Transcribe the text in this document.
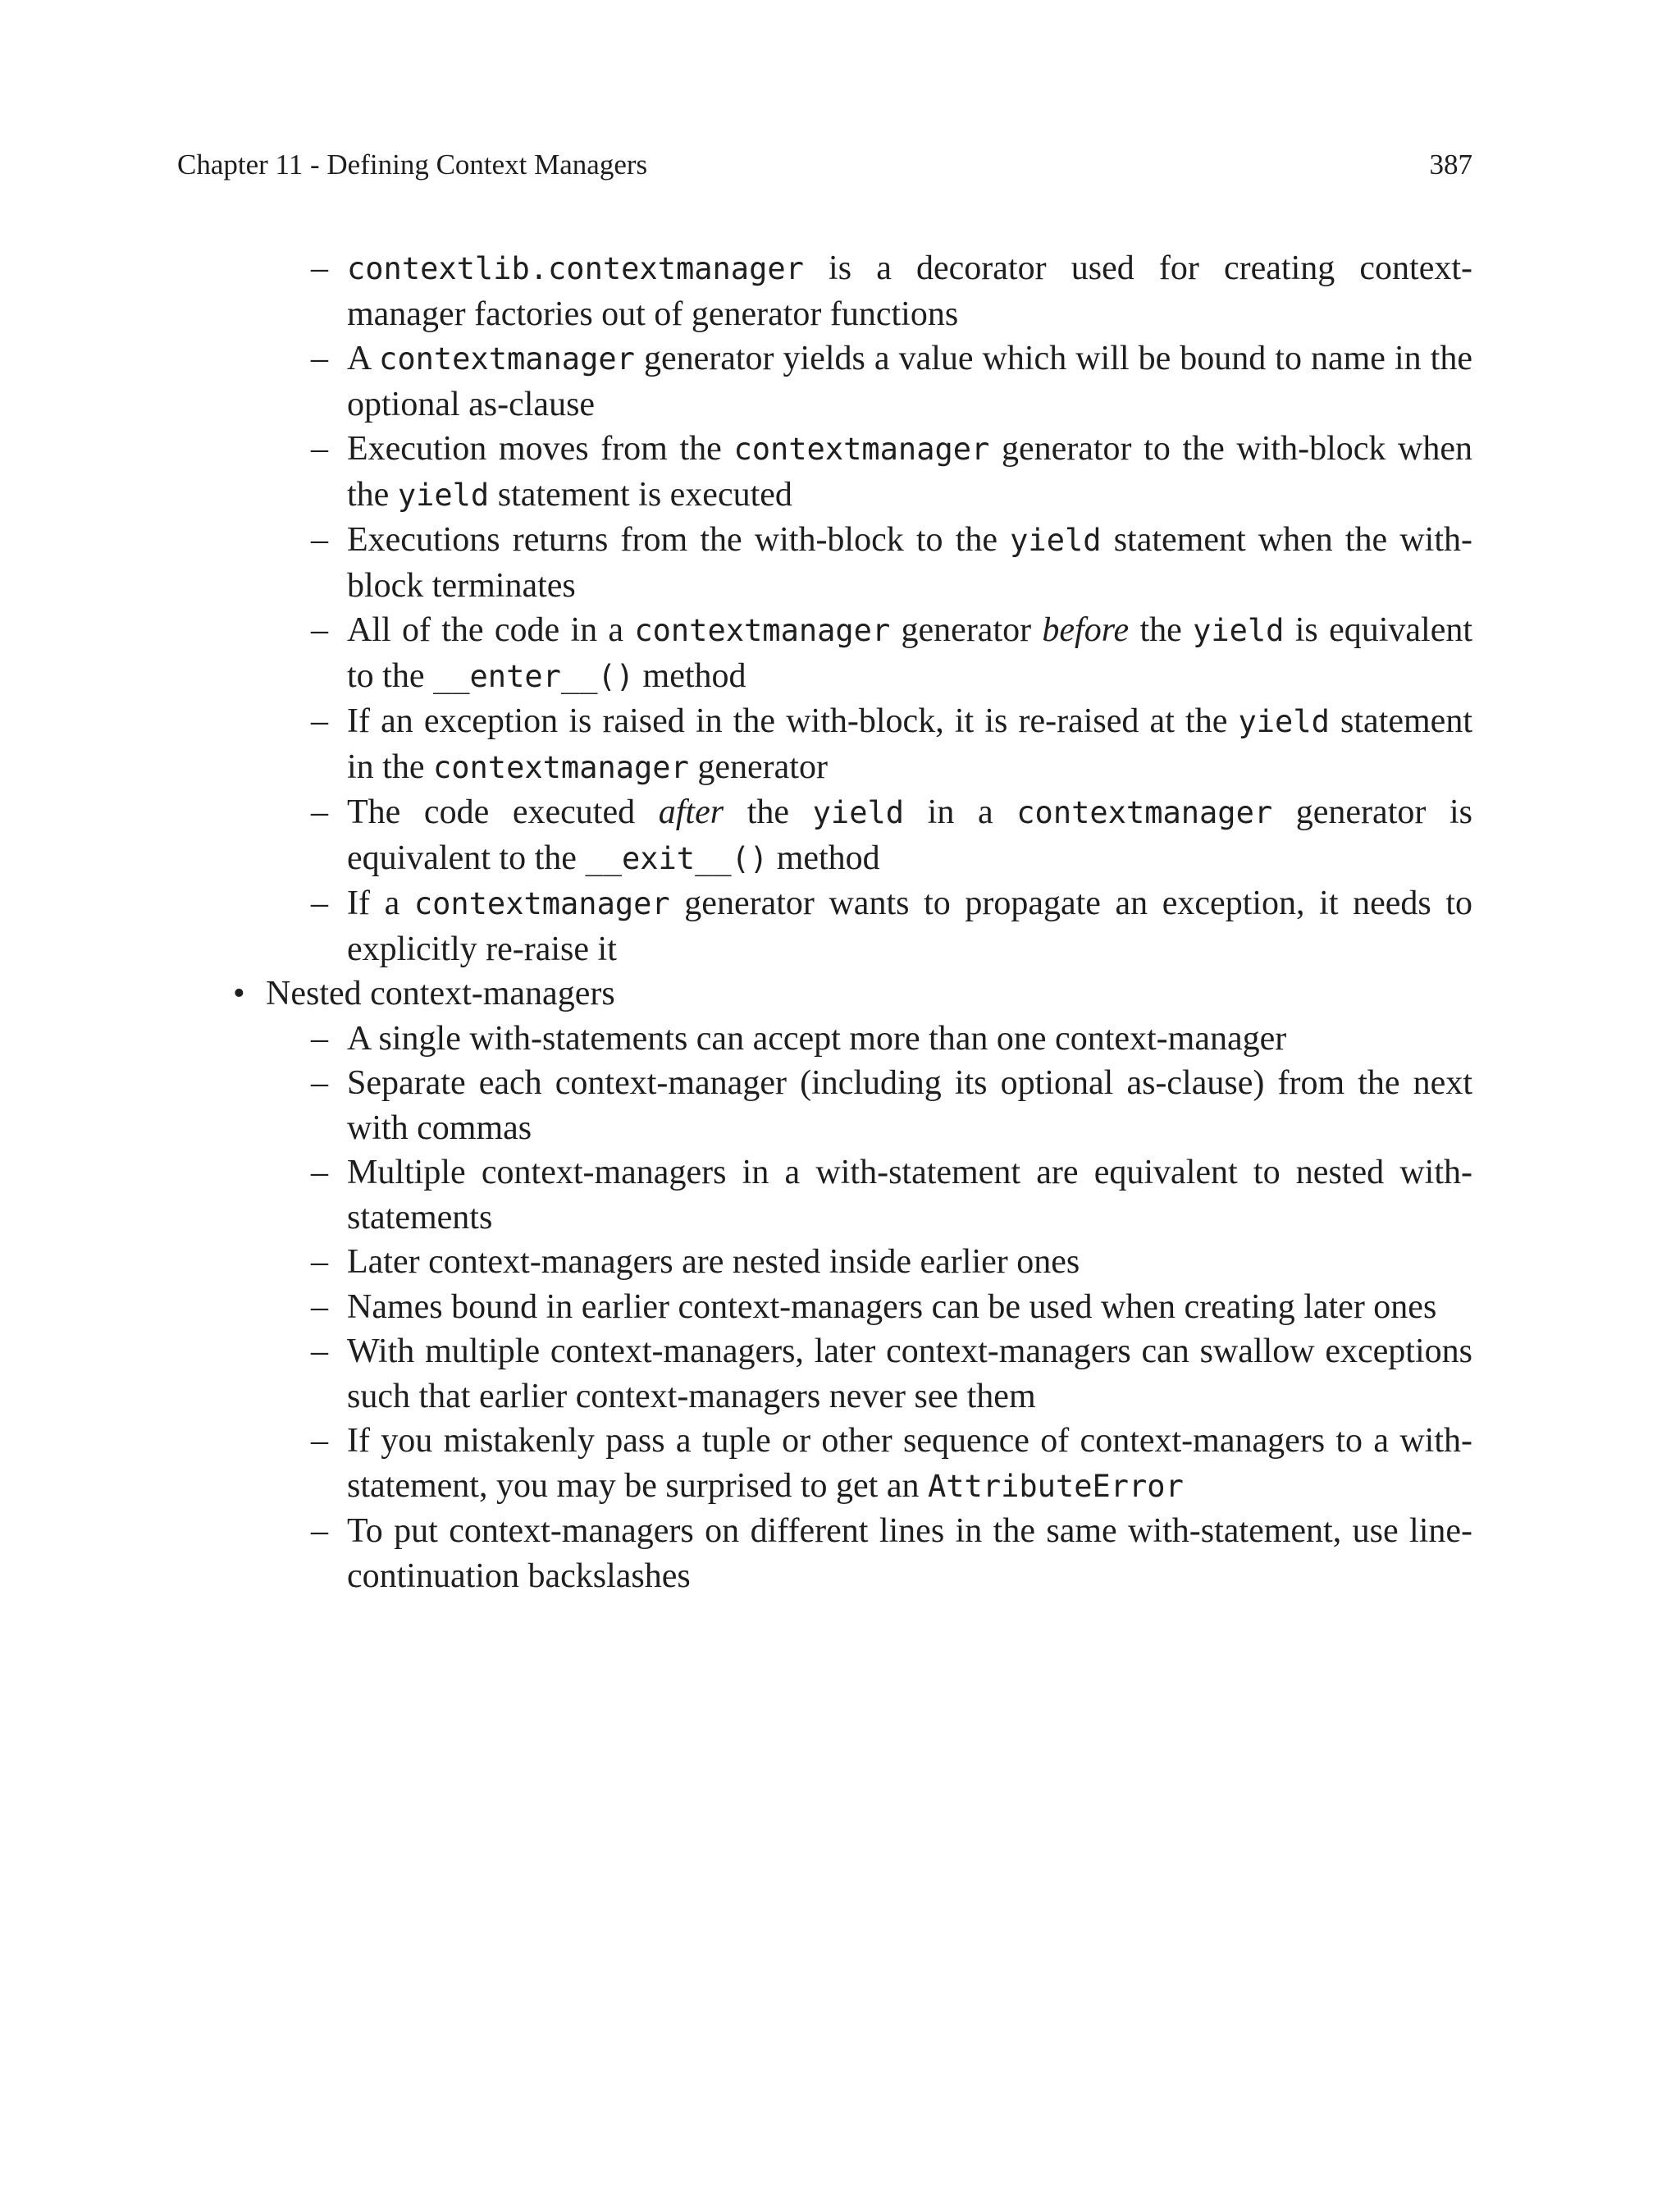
Chapter 11 - Defining Context Managers	387
– contextlib.contextmanager is a decorator used for creating context-manager factories out of generator functions
– A contextmanager generator yields a value which will be bound to name in the optional as-clause
– Execution moves from the contextmanager generator to the with-block when the yield statement is executed
– Executions returns from the with-block to the yield statement when the with-block terminates
– All of the code in a contextmanager generator before the yield is equivalent to the __enter__() method
– If an exception is raised in the with-block, it is re-raised at the yield statement in the contextmanager generator
– The code executed after the yield in a contextmanager generator is equivalent to the __exit__() method
– If a contextmanager generator wants to propagate an exception, it needs to explicitly re-raise it
• Nested context-managers
– A single with-statements can accept more than one context-manager
– Separate each context-manager (including its optional as-clause) from the next with commas
– Multiple context-managers in a with-statement are equivalent to nested with-statements
– Later context-managers are nested inside earlier ones
– Names bound in earlier context-managers can be used when creating later ones
– With multiple context-managers, later context-managers can swallow exceptions such that earlier context-managers never see them
– If you mistakenly pass a tuple or other sequence of context-managers to a with-statement, you may be surprised to get an AttributeError
– To put context-managers on different lines in the same with-statement, use line-continuation backslashes
